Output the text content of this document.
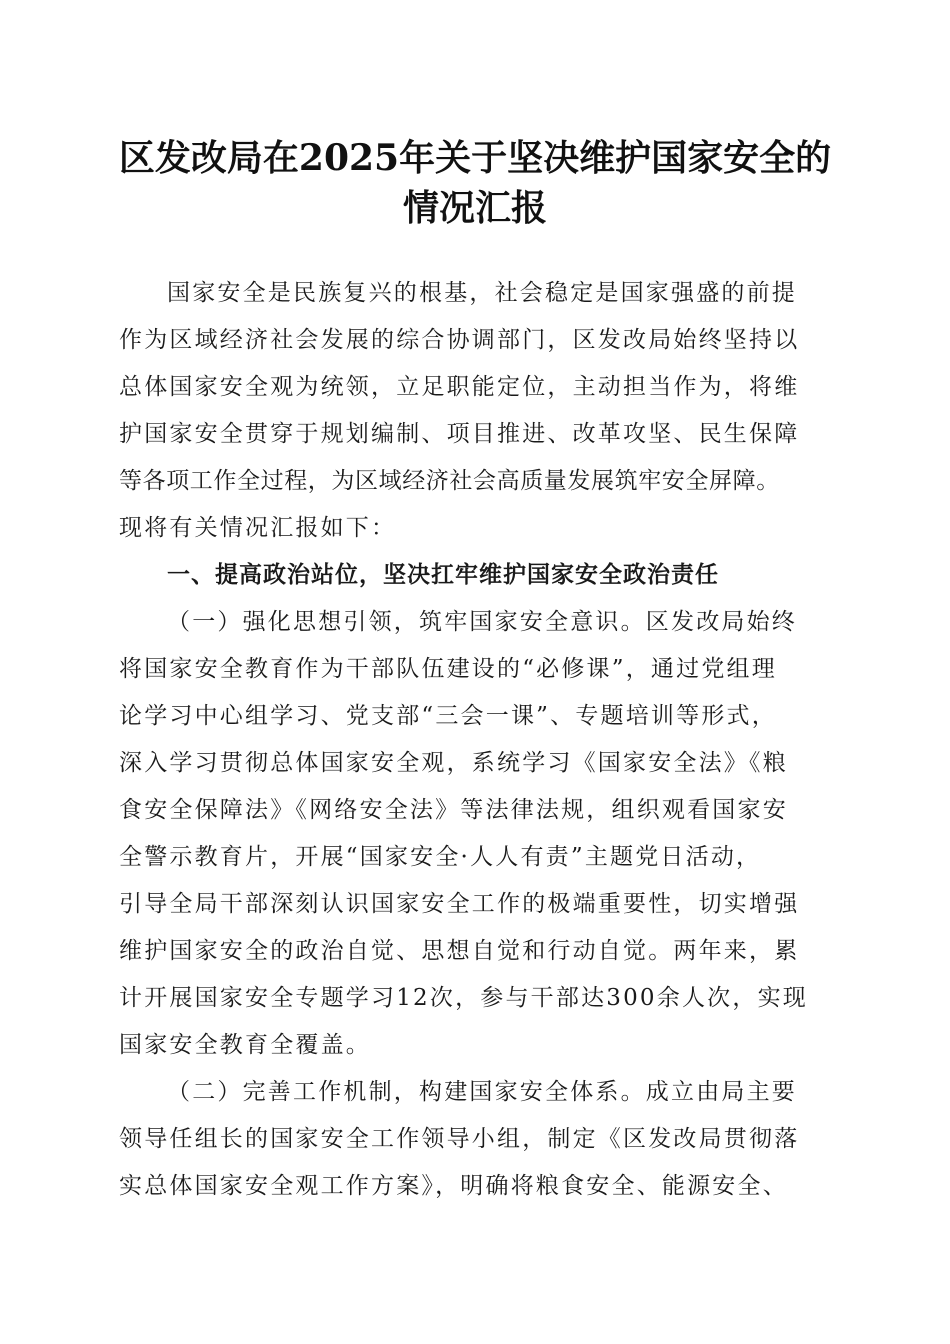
区发改局在2025年关于坚决维护国家安全的
情况汇报
国家安全是民族复兴的根基，社会稳定是国家强盛的前提
作为区域经济社会发展的综合协调部门，区发改局始终坚持以
总体国家安全观为统领，立足职能定位，主动担当作为，将维
护国家安全贯穿于规划编制、项目推进、改革攻坚、民生保障
等各项工作全过程，为区域经济社会高质量发展筑牢安全屏障。
现将有关情况汇报如下：
一、提高政治站位，坚决扛牢维护国家安全政治责任
（一）强化思想引领，筑牢国家安全意识。区发改局始终
将国家安全教育作为干部队伍建设的“必修课”，通过党组理
论学习中心组学习、党支部“三会一课”、专题培训等形式，
深入学习贯彻总体国家安全观，系统学习《国家安全法》《粮
食安全保障法》《网络安全法》等法律法规，组织观看国家安
全警示教育片，开展“国家安全·人人有责”主题党日活动，
引导全局干部深刻认识国家安全工作的极端重要性，切实增强
维护国家安全的政治自觉、思想自觉和行动自觉。两年来，累
计开展国家安全专题学习12次，参与干部达300余人次，实现
国家安全教育全覆盖。
（二）完善工作机制，构建国家安全体系。成立由局主要
领导任组长的国家安全工作领导小组，制定《区发改局贯彻落
实总体国家安全观工作方案》，明确将粮食安全、能源安全、
